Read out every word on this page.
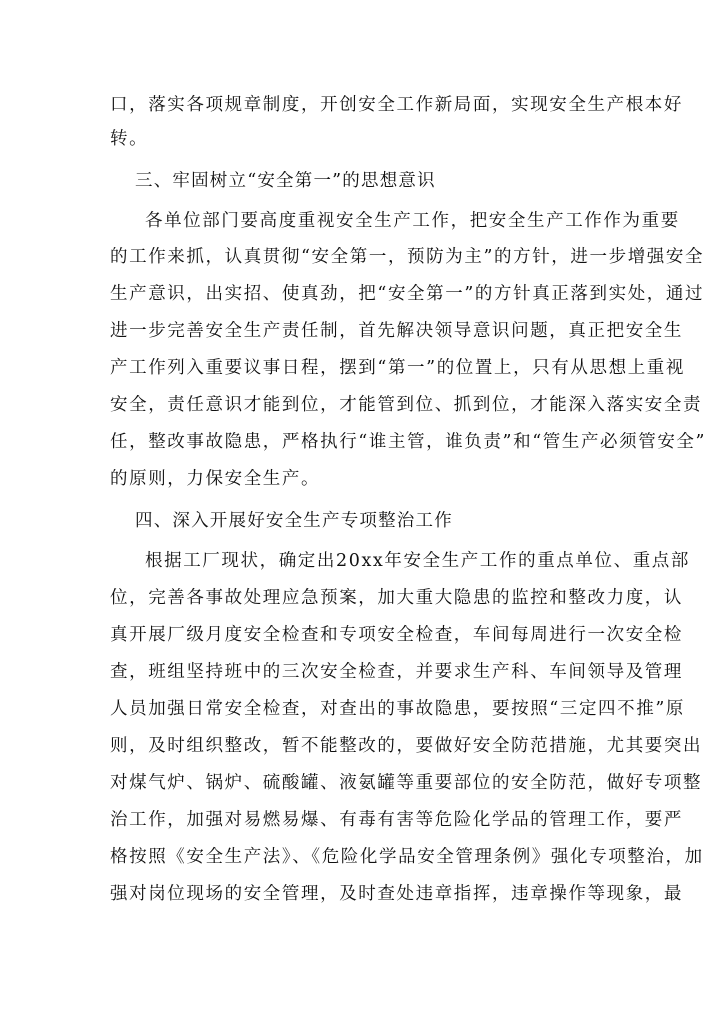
口，落实各项规章制度，开创安全工作新局面，实现安全生产根本好
转。
三、牢固树立“安全第一”的思想意识
各单位部门要高度重视安全生产工作，把安全生产工作作为重要
的工作来抓，认真贯彻“安全第一，预防为主”的方针，进一步增强安全
生产意识，出实招、使真劲，把“安全第一”的方针真正落到实处，通过
进一步完善安全生产责任制，首先解决领导意识问题，真正把安全生
产工作列入重要议事日程，摆到“第一”的位置上，只有从思想上重视
安全，责任意识才能到位，才能管到位、抓到位，才能深入落实安全责
任，整改事故隐患，严格执行“谁主管，谁负责”和“管生产必须管安全”
的原则，力保安全生产。
四、深入开展好安全生产专项整治工作
根据工厂现状，确定出20xx年安全生产工作的重点单位、重点部
位，完善各事故处理应急预案，加大重大隐患的监控和整改力度，认
真开展厂级月度安全检查和专项安全检查，车间每周进行一次安全检
查，班组坚持班中的三次安全检查，并要求生产科、车间领导及管理
人员加强日常安全检查，对查出的事故隐患，要按照“三定四不推”原
则，及时组织整改，暂不能整改的，要做好安全防范措施，尤其要突出
对煤气炉、锅炉、硫酸罐、液氨罐等重要部位的安全防范，做好专项整
治工作，加强对易燃易爆、有毒有害等危险化学品的管理工作，要严
格按照《安全生产法》、《危险化学品安全管理条例》强化专项整治，加
强对岗位现场的安全管理，及时查处违章指挥，违章操作等现象，最
